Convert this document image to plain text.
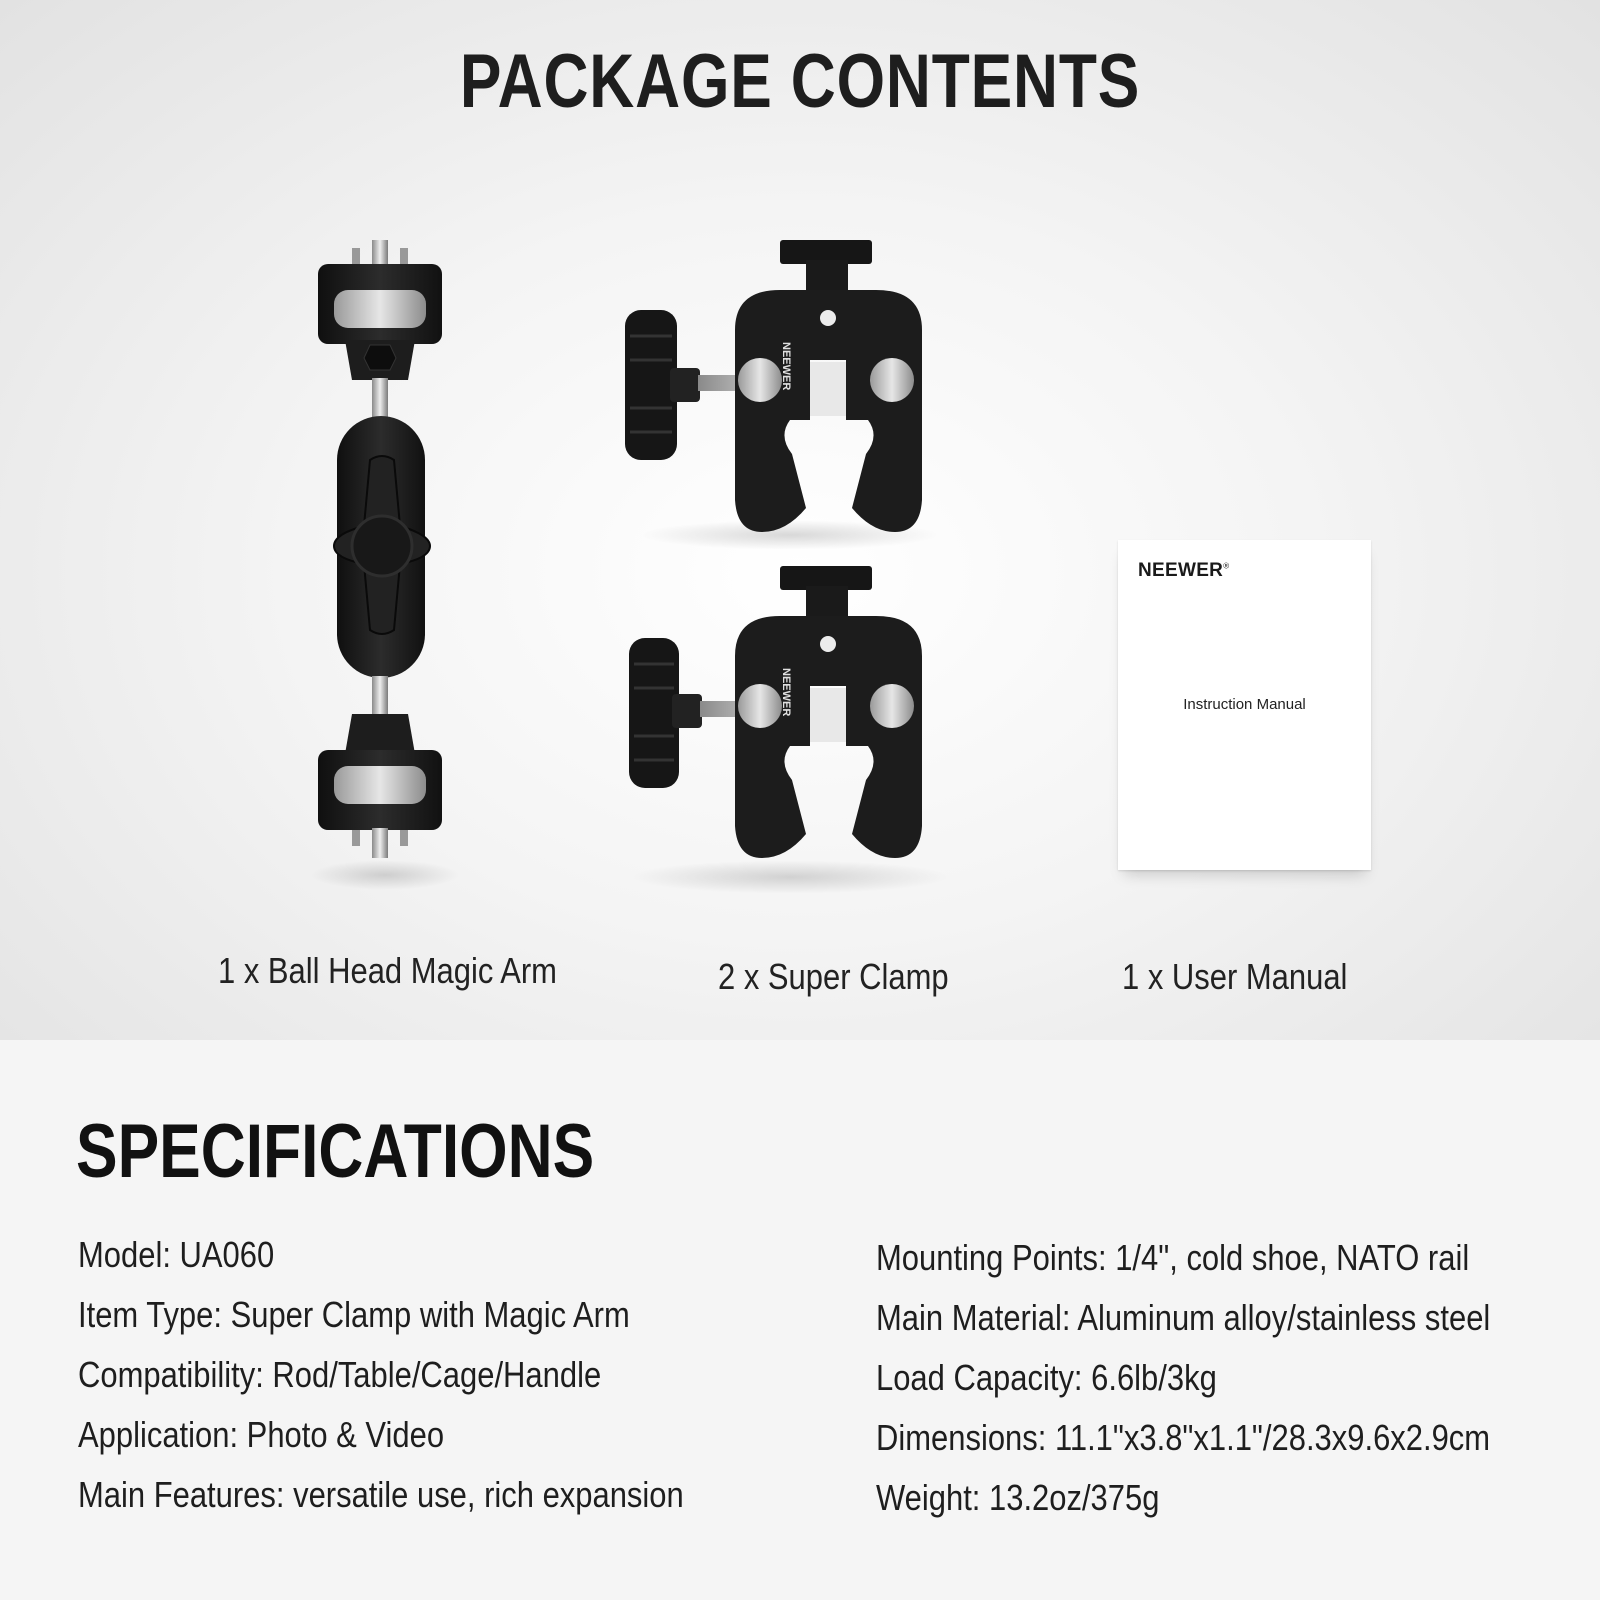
PACKAGE CONTENTS
NEEWER
NEEWER
NEEWER®
Instruction Manual
1 x Ball Head Magic Arm	2 x Super Clamp	1 x User Manual
SPECIFICATIONS
Model: UA060
Item Type: Super Clamp with Magic Arm
Compatibility: Rod/Table/Cage/Handle
Application: Photo & Video
Main Features: versatile use, rich expansion
Mounting Points: 1/4", cold shoe, NATO rail
Main Material: Aluminum alloy/stainless steel
Load Capacity: 6.6lb/3kg
Dimensions: 11.1"x3.8"x1.1"/28.3x9.6x2.9cm
Weight: 13.2oz/375g
